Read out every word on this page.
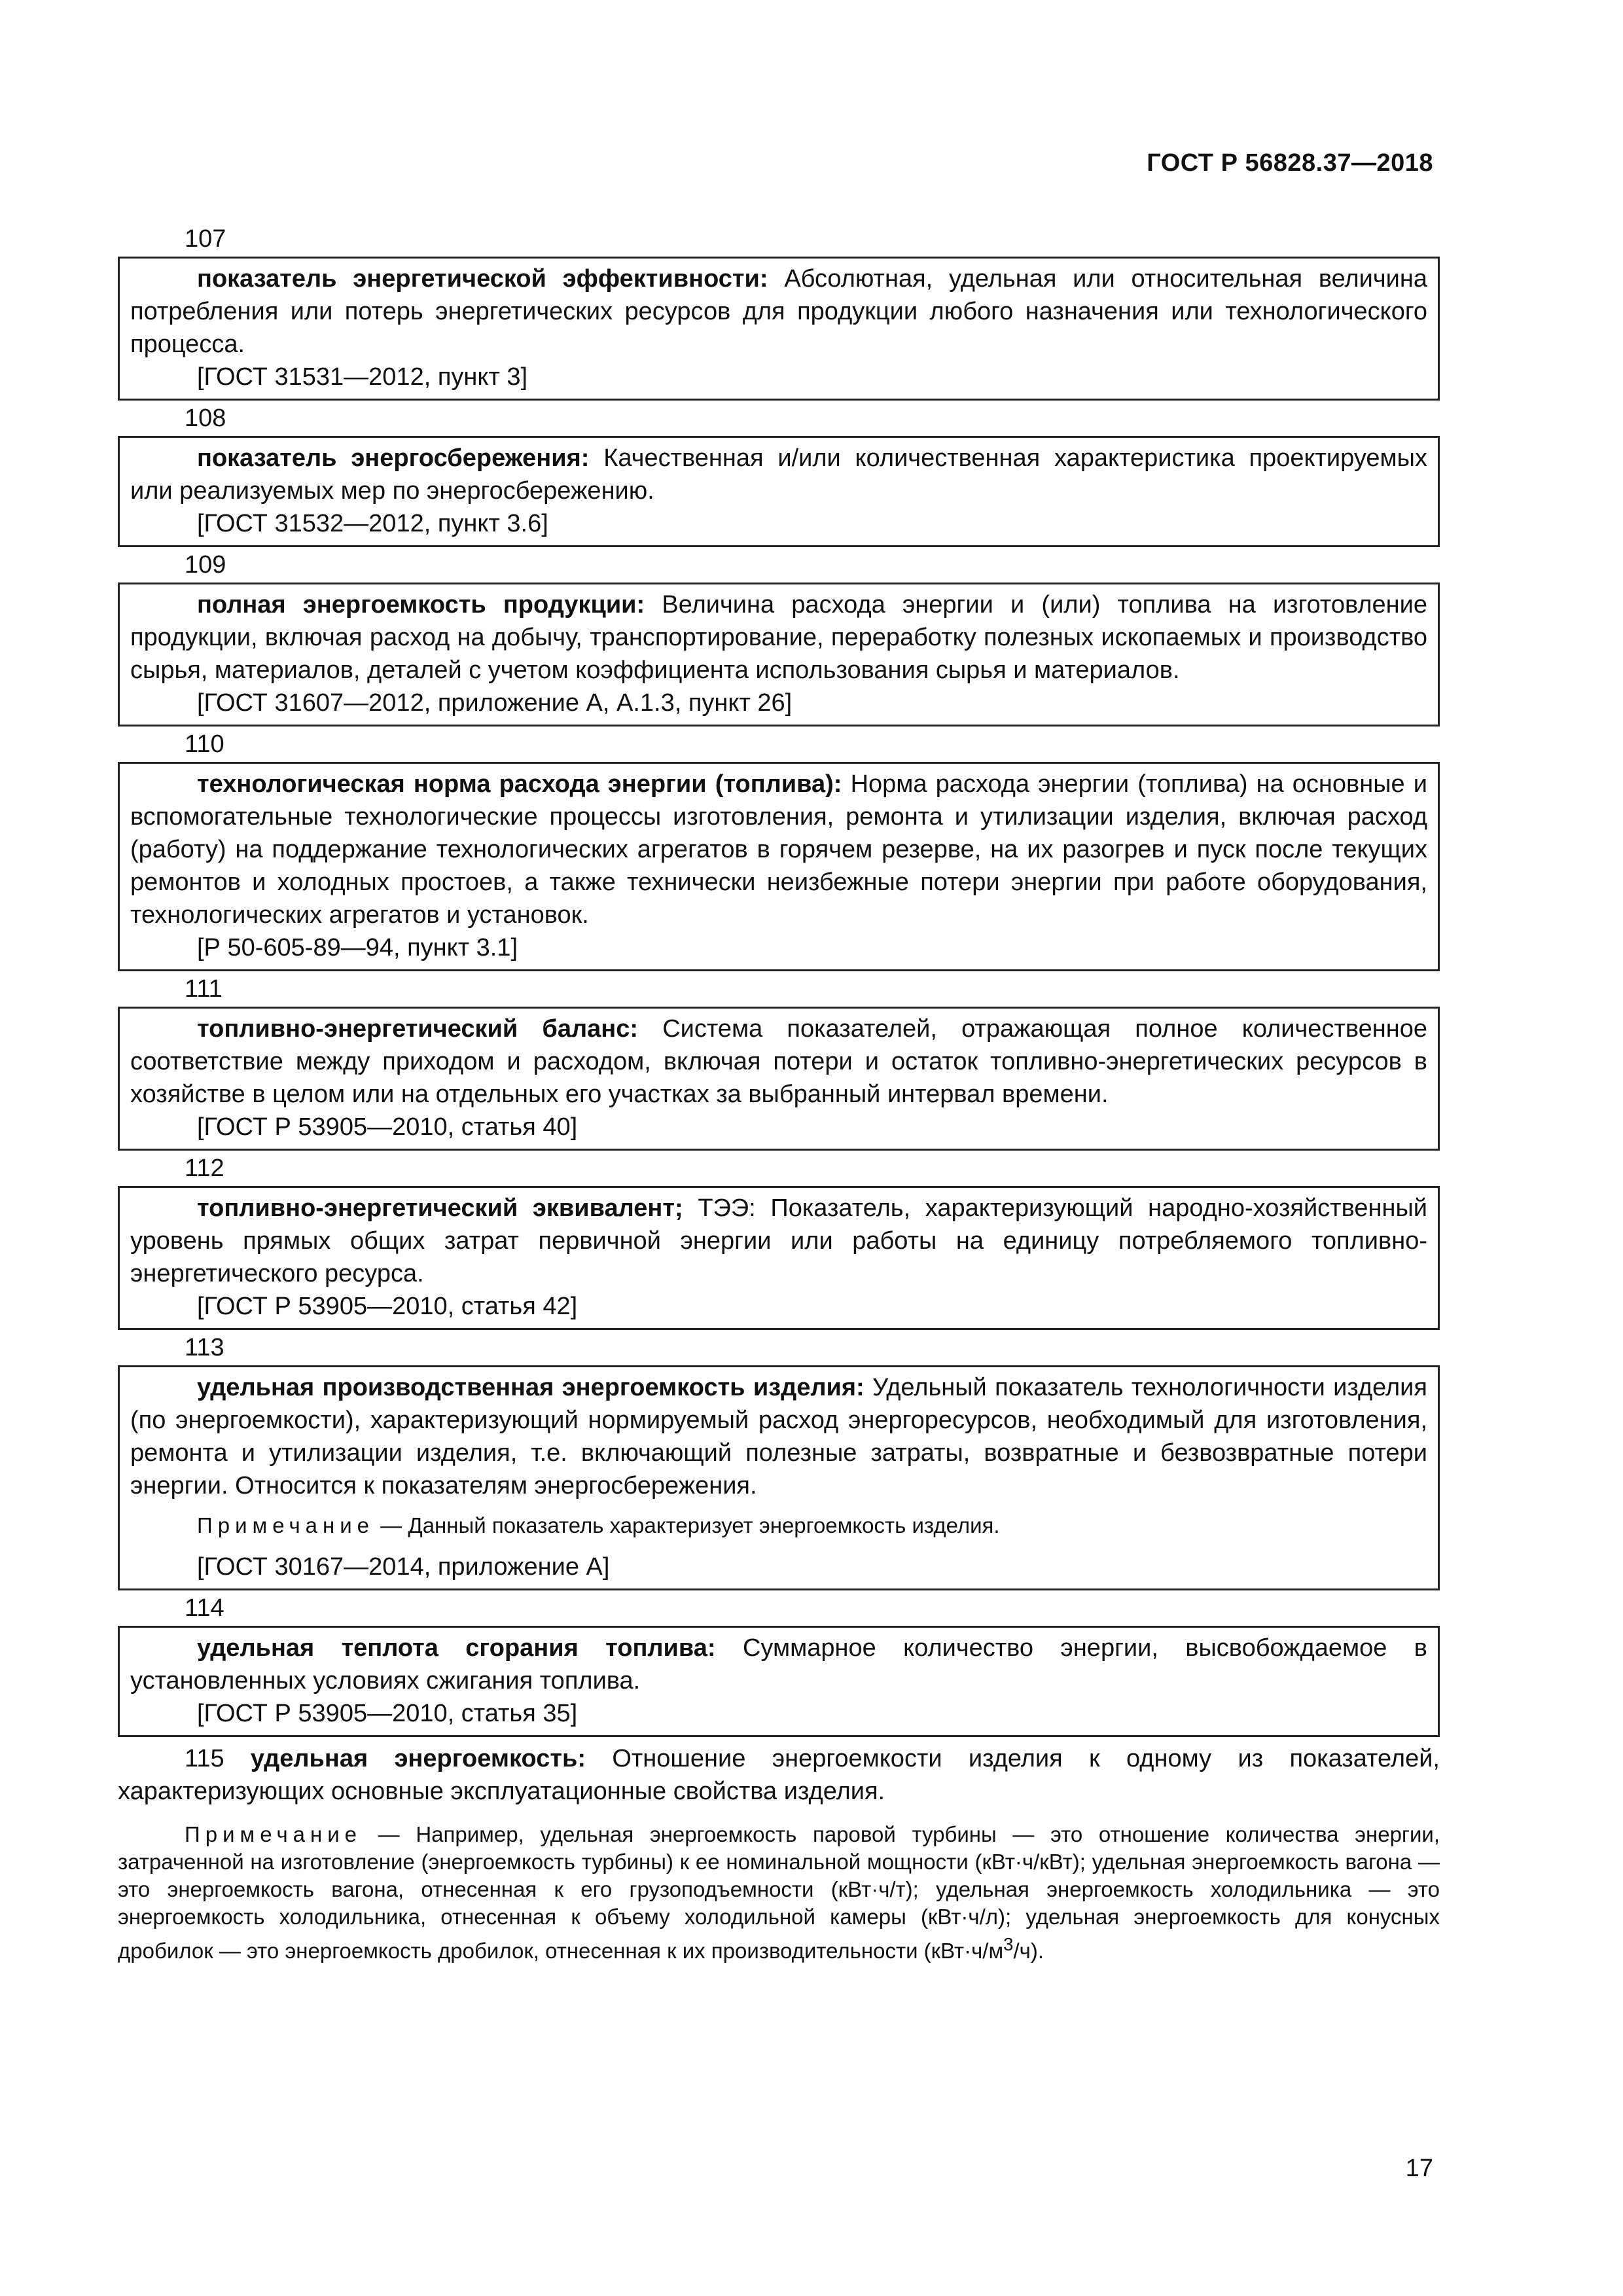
ГОСТ Р 56828.37—2018
107

показатель энергетической эффективности: Абсолютная, удельная или относительная величина потребления или потерь энергетических ресурсов для продукции любого назначения или технологического процесса.

[ГОСТ 31531—2012, пункт 3]

108

показатель энергосбережения: Качественная и/или количественная характеристика проектируемых или реализуемых мер по энергосбережению.

[ГОСТ 31532—2012, пункт 3.6]

109

полная энергоемкость продукции: Величина расхода энергии и (или) топлива на изготовление продукции, включая расход на добычу, транспортирование, переработку полезных ископаемых и производство сырья, материалов, деталей с учетом коэффициента использования сырья и материалов.

[ГОСТ 31607—2012, приложение А, А.1.3, пункт 26]

110

технологическая норма расхода энергии (топлива): Норма расхода энергии (топлива) на основные и вспомогательные технологические процессы изготовления, ремонта и утилизации изделия, включая расход (работу) на поддержание технологических агрегатов в горячем резерве, на их разогрев и пуск после текущих ремонтов и холодных простоев, а также технически неизбежные потери энергии при работе оборудования, технологических агрегатов и установок.

[Р 50-605-89—94, пункт 3.1]

111

топливно-энергетический баланс: Система показателей, отражающая полное количественное соответствие между приходом и расходом, включая потери и остаток топливно-энергетических ресурсов в хозяйстве в целом или на отдельных его участках за выбранный интервал времени.

[ГОСТ Р 53905—2010, статья 40]

112

топливно-энергетический эквивалент; ТЭЭ: Показатель, характеризующий народно-хозяйственный уровень прямых общих затрат первичной энергии или работы на единицу потребляемого топливно-энергетического ресурса.

[ГОСТ Р 53905—2010, статья 42]

113

удельная производственная энергоемкость изделия: Удельный показатель технологичности изделия (по энергоемкости), характеризующий нормируемый расход энергоресурсов, необходимый для изготовления, ремонта и утилизации изделия, т.е. включающий полезные затраты, возвратные и безвозвратные потери энергии. Относится к показателям энергосбережения.

Примечание — Данный показатель характеризует энергоемкость изделия.

[ГОСТ 30167—2014, приложение А]

114

удельная теплота сгорания топлива: Суммарное количество энергии, высвобождаемое в установленных условиях сжигания топлива.

[ГОСТ Р 53905—2010, статья 35]

115 удельная энергоемкость: Отношение энергоемкости изделия к одному из показателей, характеризующих основные эксплуатационные свойства изделия.

Примечание — Например, удельная энергоемкость паровой турбины — это отношение количества энергии, затраченной на изготовление (энергоемкость турбины) к ее номинальной мощности (кВт·ч/кВт); удельная энергоемкость вагона — это энергоемкость вагона, отнесенная к его грузоподъемности (кВт·ч/т); удельная энергоемкость холодильника — это энергоемкость холодильника, отнесенная к объему холодильной камеры (кВт·ч/л); удельная энергоемкость для конусных дробилок — это энергоемкость дробилок, отнесенная к их производительности $(кВт\cdot ч/м^3/ч)$.

17
